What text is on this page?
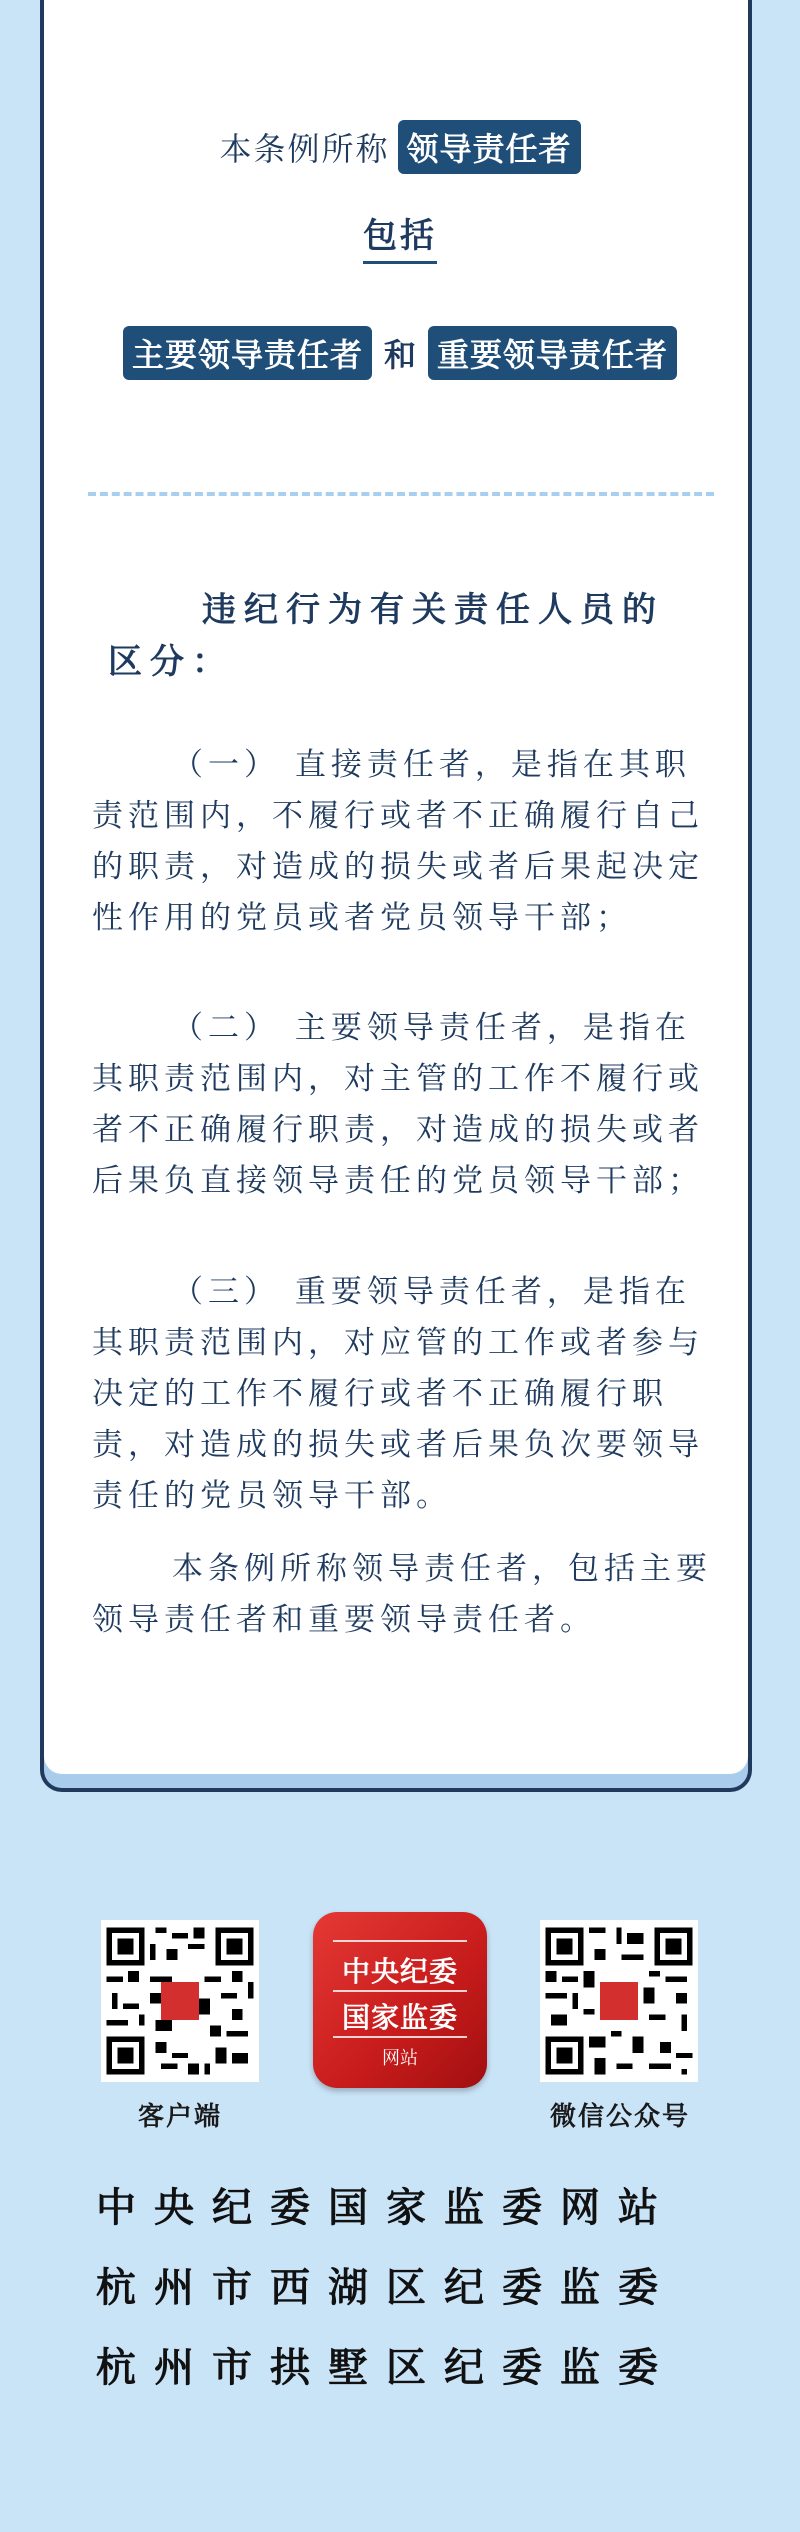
本条例所称 领导责任者
包括
主要领导责任者 和 重要领导责任者
违纪行为有关责任人员的
区分：

（一） 直接责任者，是指在其职责范围内，不履行或者不正确履行自己的职责，对造成的损失或者后果起决定性作用的党员或者党员领导干部；

（二） 主要领导责任者，是指在其职责范围内，对主管的工作不履行或者不正确履行职责，对造成的损失或者后果负直接领导责任的党员领导干部；

（三） 重要领导责任者，是指在其职责范围内，对应管的工作或者参与决定的工作不履行或者不正确履行职责，对造成的损失或者后果负次要领导责任的党员领导干部。

本条例所称领导责任者，包括主要领导责任者和重要领导责任者。

客户端
中央纪委
国家监委
网站
微信公众号
中央纪委国家监委网站
杭州市西湖区纪委监委
杭州市拱墅区纪委监委
